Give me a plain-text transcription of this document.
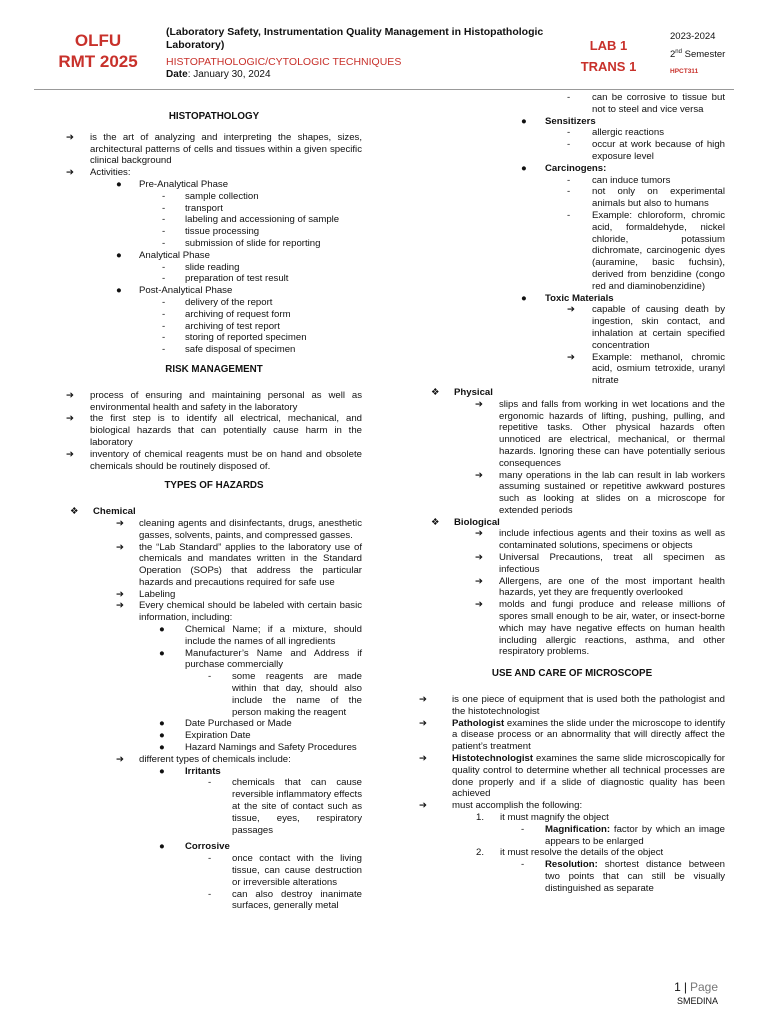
OLFU
RMT 2025
(Laboratory Safety, Instrumentation Quality Management in Histopathologic Laboratory)
HISTOPATHOLOGIC/CYTOLOGIC TECHNIQUES
Date: January 30, 2024
LAB 1
TRANS 1
2023-2024
2nd Semester
HPCT311
HISTOPATHOLOGY
➔	is the art of analyzing and interpreting the shapes, sizes, architectural patterns of cells and tissues within a given specific clinical background
➔	Activities:
●	Pre-Analytical Phase
-	sample collection
-	transport
-	labeling and accessioning of sample
-	tissue processing
-	submission of slide for reporting
●	Analytical Phase
-	slide reading
-	preparation of test result
●	Post-Analytical Phase
-	delivery of the report
-	archiving of request form
-	archiving of test report
-	storing of reported specimen
-	safe disposal of specimen
RISK MANAGEMENT
➔	process of ensuring and maintaining personal as well as environmental health and safety in the laboratory
➔	the first step is to identify all electrical, mechanical, and biological hazards that can potentially cause harm in the laboratory
➔	inventory of chemical reagents must be on hand and obsolete chemicals should be routinely disposed of.
TYPES OF HAZARDS
❖	Chemical
➔	cleaning agents and disinfectants, drugs, anesthetic gasses, solvents, paints, and compressed gasses.
➔	the “Lab Standard” applies to the laboratory use of chemicals and mandates written in the Standard Operation (SOPs) that address the particular hazards and precautions required for safe use
➔	Labeling
➔	Every chemical should be labeled with certain basic information, including:
●	Chemical Name; if a mixture, should include the names of all ingredients
●	Manufacturer’s Name and Address if purchase commercially
-	some reagents are made within that day, should also include the name of the person making the reagent
●	Date Purchased or Made
●	Expiration Date
●	Hazard Namings and Safety Procedures
➔	different types of chemicals include:
●	Irritants
-	chemicals that can cause reversible inflammatory effects at the site of contact such as tissue, eyes, respiratory passages
●	Corrosive
-	once contact with the living tissue, can cause destruction or irreversible alterations
-	can also destroy inanimate surfaces, generally metal
-	can be corrosive to tissue but not to steel and vice versa
●	Sensitizers
-	allergic reactions
-	occur at work because of high exposure level
●	Carcinogens:
-	can induce tumors
-	not only on experimental animals but also to humans
-	Example: chloroform, chromic acid, formaldehyde, nickel chloride, potassium dichromate, carcinogenic dyes (auramine, basic fuchsin), derived from benzidine (congo red and diaminobenzidine)
●	Toxic Materials
➔	capable of causing death by ingestion, skin contact, and inhalation at certain specified concentration
➔	Example: methanol, chromic acid, osmium tetroxide, uranyl nitrate
❖	Physical
➔	slips and falls from working in wet locations and the ergonomic hazards of lifting, pushing, pulling, and repetitive tasks. Other physical hazards often unnoticed are electrical, mechanical, or thermal hazards. Ignoring these can have potentially serious consequences
➔	many operations in the lab can result in lab workers assuming sustained or repetitive awkward postures such as looking at slides on a microscope for extended periods
❖	Biological
➔	include infectious agents and their toxins as well as contaminated solutions, specimens or objects
➔	Universal Precautions, treat all specimen as infectious
➔	Allergens, are one of the most important health hazards, yet they are frequently overlooked
➔	molds and fungi produce and release millions of spores small enough to be air, water, or insect-borne which may have negative effects on human health including allergic reactions, asthma, and other respiratory problems.
USE AND CARE OF MICROSCOPE
➔	is one piece of equipment that is used both the pathologist and the histotechnologist
➔	Pathologist examines the slide under the microscope to identify a disease process or an abnormality that will directly affect the patient’s treatment
➔	Histotechnologist examines the same slide microscopically for quality control to determine whether all technical processes are done properly and if a slide of diagnostic quality has been achieved
➔	must accomplish the following:
1.	it must magnify the object
-	Magnification: factor by which an image appears to be enlarged
2.	it must resolve the details of the object
-	Resolution: shortest distance between two points that can still be visually distinguished as separate
1 | Page
SMEDINA
